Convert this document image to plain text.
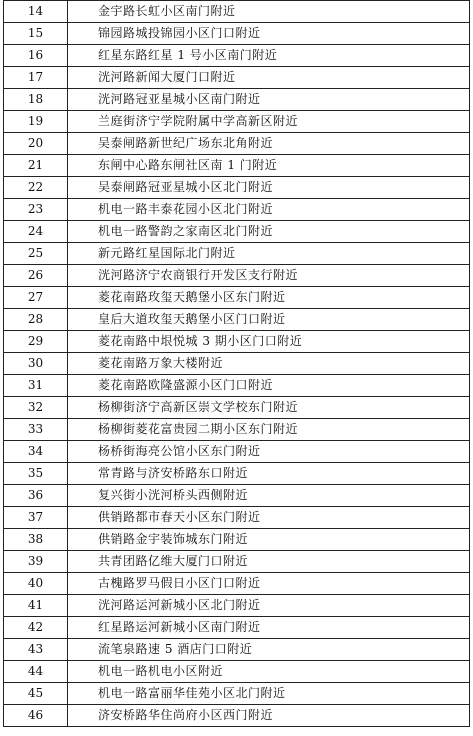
14	金宇路长虹小区南门附近
15	锦园路城投锦园小区门口附近
16	红星东路红星 1 号小区南门附近
17	洸河路新闻大厦门口附近
18	洸河路冠亚星城小区南门附近
19	兰庭街济宁学院附属中学高新区附近
20	吴泰闸路新世纪广场东北角附近
21	东闸中心路东闸社区南 1 门附近
22	吴泰闸路冠亚星城小区北门附近
23	机电一路丰泰花园小区北门附近
24	机电一路警韵之家南区北门附近
25	新元路红星国际北门附近
26	洸河路济宁农商银行开发区支行附近
27	菱花南路玫玺天鹅堡小区东门附近
28	皇后大道玫玺天鹅堡小区门口附近
29	菱花南路中垠悦城 3 期小区门口附近
30	菱花南路万象大楼附近
31	菱花南路欧隆盛源小区门口附近
32	杨柳街济宁高新区崇文学校东门附近
33	杨柳街菱花富贵园二期小区东门附近
34	杨桥街海亮公馆小区东门附近
35	常青路与济安桥路东口附近
36	复兴街小洸河桥头西侧附近
37	供销路都市春天小区东门附近
38	供销路金宇装饰城东门附近
39	共青团路亿维大厦门口附近
40	古槐路罗马假日小区门口附近
41	洸河路运河新城小区北门附近
42	红星路运河新城小区南门附近
43	流笔泉路速 5 酒店门口附近
44	机电一路机电小区附近
45	机电一路富丽华佳苑小区北门附近
46	济安桥路华住尚府小区西门附近
